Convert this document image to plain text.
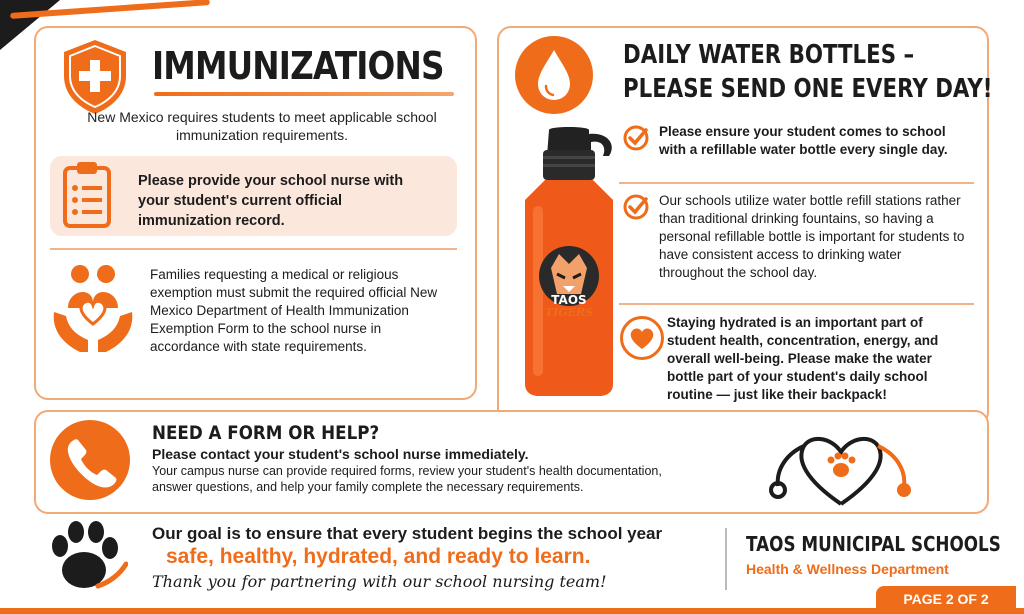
IMMUNIZATIONS

New Mexico requires students to meet applicable school immunization requirements.

Please provide your school nurse with your student's current official immunization record.

Families requesting a medical or religious exemption must submit the required official New Mexico Department of Health Immunization Exemption Form to the school nurse in accordance with state requirements.

DAILY WATER BOTTLES –
PLEASE SEND ONE EVERY DAY!
TAOS
TIGERS

Please ensure your student comes to school with a refillable water bottle every single day.

Our schools utilize water bottle refill stations rather than traditional drinking fountains, so having a personal refillable bottle is important for students to have consistent access to drinking water throughout the school day.

Staying hydrated is an important part of student health, concentration, energy, and overall well-being. Please make the water bottle part of your student's daily school routine — just like their backpack!

NEED A FORM OR HELP?

Please contact your student's school nurse immediately.

Your campus nurse can provide required forms, review your student's health documentation, answer questions, and help your family complete the necessary requirements.

Our goal is to ensure that every student begins the school year

safe, healthy, hydrated, and ready to learn.

Thank you for partnering with our school nursing team!

TAOS MUNICIPAL SCHOOLS

Health & Wellness Department

PAGE 2 OF 2
